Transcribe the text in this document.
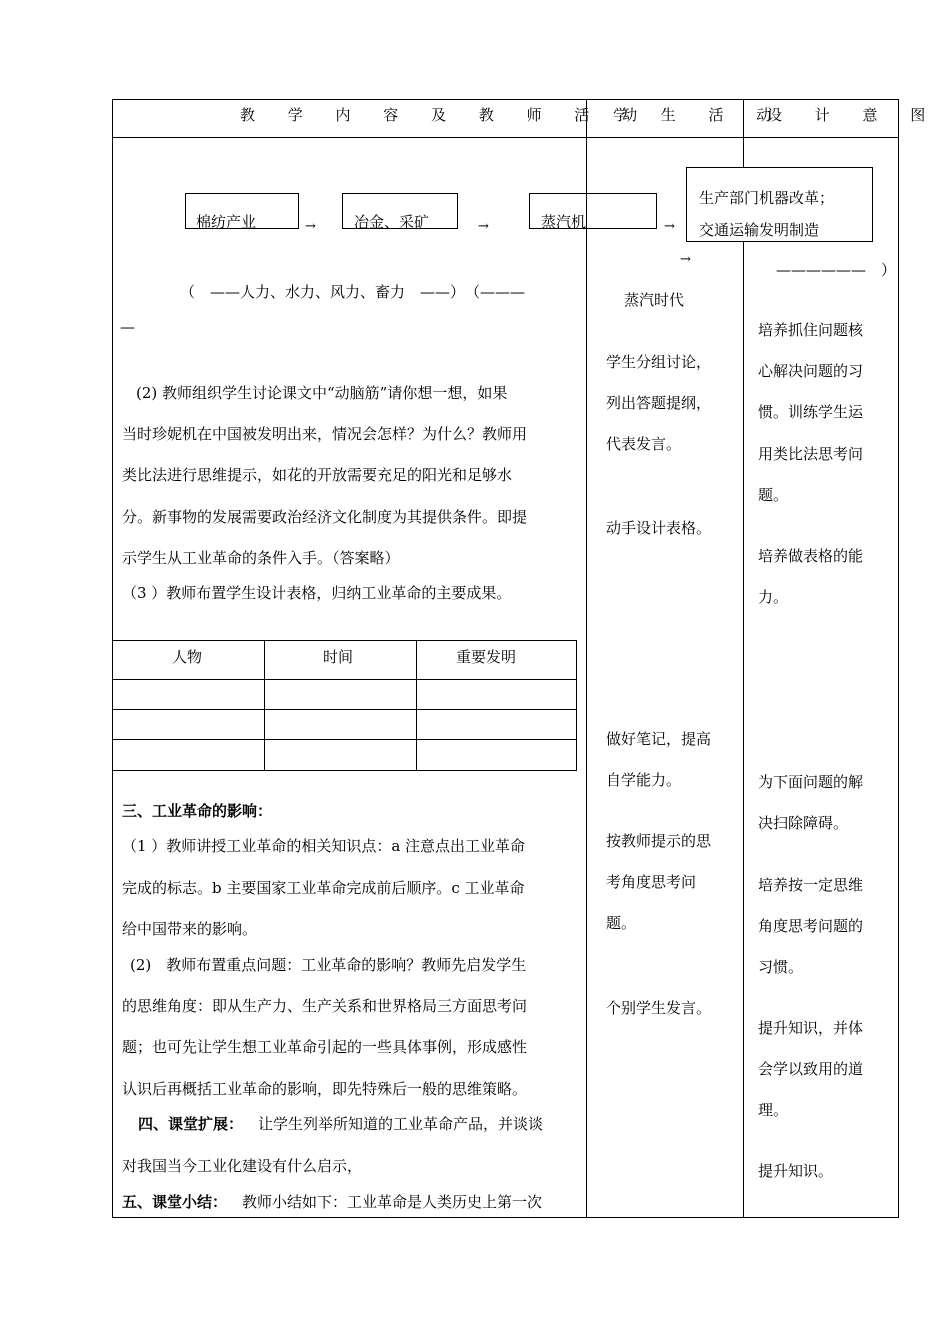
教 学 内 容 及 教 师 活 动
学 生 活 动
设 计 意 图
棉纺产业	→	冶金、采矿	→	蒸汽机	→
生产部门机器改革；
交通运输发明制造
→
（　——人力、水力、风力、畜力　——）　（———
—
蒸汽时代
——————　）
(2) 教师组织学生讨论课文中“动脑筋”请你想一想，如果
当时珍妮机在中国被发明出来，情况会怎样？为什么？教师用
类比法进行思维提示，如花的开放需要充足的阳光和足够水
分。新事物的发展需要政治经济文化制度为其提供条件。即提
示学生从工业革命的条件入手。（答案略）
（3 ）教师布置学生设计表格，归纳工业革命的主要成果。
人物	时间	重要发明
三、工业革命的影响：
（1 ）教师讲授工业革命的相关知识点：a 注意点出工业革命
完成的标志。b 主要国家工业革命完成前后顺序。c 工业革命
给中国带来的影响。
(2)　教师布置重点问题：工业革命的影响？教师先启发学生
的思维角度：即从生产力、生产关系和世界格局三方面思考问
题；也可先让学生想工业革命引起的一些具体事例，形成感性
认识后再概括工业革命的影响，即先特殊后一般的思维策略。
四、课堂扩展： 让学生列举所知道的工业革命产品，并谈谈
对我国当今工业化建设有什么启示，
五、课堂小结： 教师小结如下：工业革命是人类历史上第一次
学生分组讨论，
列出答题提纲，
代表发言。
动手设计表格。
做好笔记，提高
自学能力。
按教师提示的思
考角度思考问
题。
个别学生发言。
培养抓住问题核
心解决问题的习
惯。训练学生运
用类比法思考问
题。
培养做表格的能
力。
为下面问题的解
决扫除障碍。
培养按一定思维
角度思考问题的
习惯。
提升知识，并体
会学以致用的道
理。
提升知识。
